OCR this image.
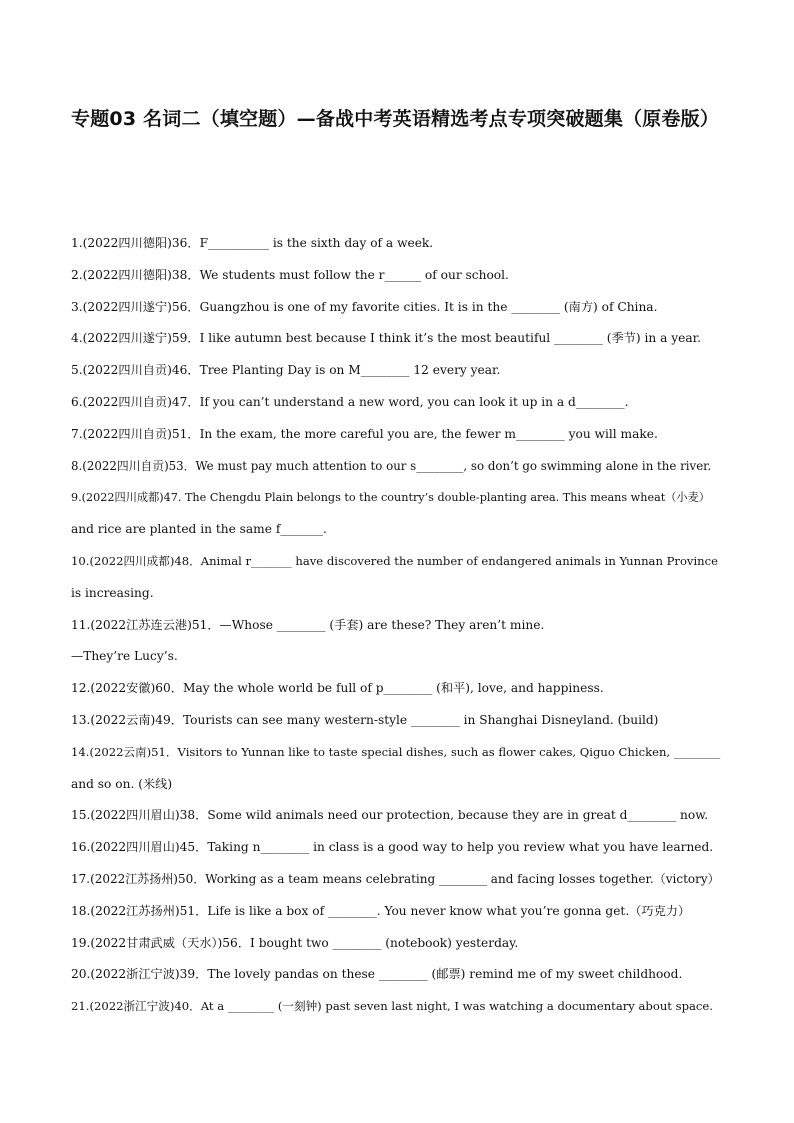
专题03 名词二（填空题）—备战中考英语精选考点专项突破题集（原卷版）
1.(2022四川德阳)36．F__________ is the sixth day of a week.
2.(2022四川德阳)38．We students must follow the r______ of our school.
3.(2022四川遂宁)56．Guangzhou is one of my favorite cities. It is in the ________ (南方) of China.
4.(2022四川遂宁)59．I like autumn best because I think it’s the most beautiful ________ (季节) in a year.
5.(2022四川自贡)46．Tree Planting Day is on M________ 12 every year.
6.(2022四川自贡)47．If you can’t understand a new word, you can look it up in a d________.
7.(2022四川自贡)51．In the exam, the more careful you are, the fewer m________ you will make.
8.(2022四川自贡)53．We must pay much attention to our s________, so don’t go swimming alone in the river.
9.(2022四川成都)47. The Chengdu Plain belongs to the country’s double-planting area. This means wheat（小麦）
and rice are planted in the same f_______.
10.(2022四川成都)48．Animal r_______ have discovered the number of endangered animals in Yunnan Province
is increasing.
11.(2022江苏连云港)51．—Whose ________ (手套) are these? They aren’t mine.
—They’re Lucy’s.
12.(2022安徽)60．May the whole world be full of p________ (和平), love, and happiness.
13.(2022云南)49．Tourists can see many western-style ________ in Shanghai Disneyland. (build)
14.(2022云南)51．Visitors to Yunnan like to taste special dishes, such as flower cakes, Qiguo Chicken, ________
and so on. (米线)
15.(2022四川眉山)38．Some wild animals need our protection, because they are in great d________ now.
16.(2022四川眉山)45．Taking n________ in class is a good way to help you review what you have learned.
17.(2022江苏扬州)50．Working as a team means celebrating ________ and facing losses together.（victory）
18.(2022江苏扬州)51．Life is like a box of ________. You never know what you’re gonna get.（巧克力）
19.(2022甘肃武威（天水）)56．I bought two ________ (notebook) yesterday.
20.(2022浙江宁波)39．The lovely pandas on these ________ (邮票) remind me of my sweet childhood.
21.(2022浙江宁波)40．At a ________ (一刻钟) past seven last night, I was watching a documentary about space.
